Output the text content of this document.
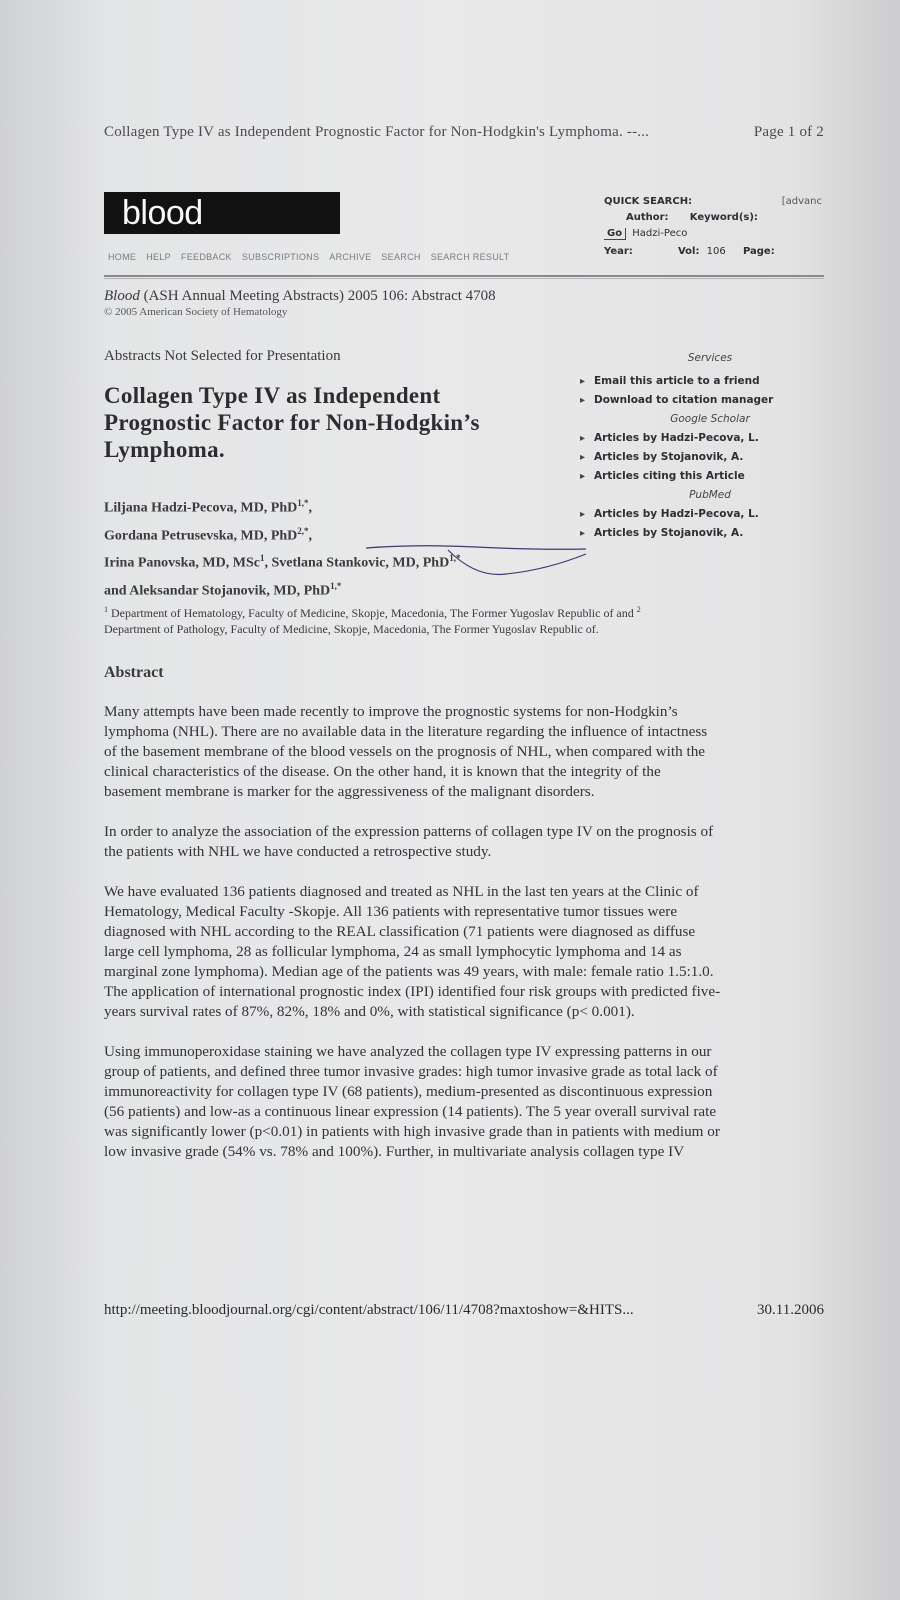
Collagen Type IV as Independent Prognostic Factor for Non-Hodgkin's Lymphoma. --...	Page 1 of 2
blood
HOME HELP FEEDBACK SUBSCRIPTIONS ARCHIVE SEARCH SEARCH RESULT
QUICK SEARCH:	[advanc
Author: Keyword(s):
Go Hadzi-Peco
Year:	Vol: 106 Page:
Blood (ASH Annual Meeting Abstracts) 2005 106: Abstract 4708
© 2005 American Society of Hematology
Abstracts Not Selected for Presentation
Collagen Type IV as Independent
Prognostic Factor for Non-Hodgkin’s
Lymphoma.
Liljana Hadzi-Pecova, MD, PhD$^{1,*}$,
Gordana Petrusevska, MD, PhD$^{2,*}$,
Irina Panovska, MD, MSc$^1$, Svetlana Stankovic, MD, PhD$^{1,*}$
and Aleksandar Stojanovik, MD, PhD$^{1,*}$
Services
▸ Email this article to a friend
▸ Download to citation manager
Google Scholar
▸ Articles by Hadzi-Pecova, L.
▸ Articles by Stojanovik, A.
▸ Articles citing this Article
PubMed
▸ Articles by Hadzi-Pecova, L.
▸ Articles by Stojanovik, A.
$^1$ Department of Hematology, Faculty of Medicine, Skopje, Macedonia, The Former Yugoslav Republic of and $^2$
Department of Pathology, Faculty of Medicine, Skopje, Macedonia, The Former Yugoslav Republic of.
Abstract

Many attempts have been made recently to improve the prognostic systems for non-Hodgkin’s
lymphoma (NHL). There are no available data in the literature regarding the influence of intactness
of the basement membrane of the blood vessels on the prognosis of NHL, when compared with the
clinical characteristics of the disease. On the other hand, it is known that the integrity of the
basement membrane is marker for the aggressiveness of the malignant disorders.

In order to analyze the association of the expression patterns of collagen type IV on the prognosis of
the patients with NHL we have conducted a retrospective study.

We have evaluated 136 patients diagnosed and treated as NHL in the last ten years at the Clinic of
Hematology, Medical Faculty -Skopje. All 136 patients with representative tumor tissues were
diagnosed with NHL according to the REAL classification (71 patients were diagnosed as diffuse
large cell lymphoma, 28 as follicular lymphoma, 24 as small lymphocytic lymphoma and 14 as
marginal zone lymphoma). Median age of the patients was 49 years, with male: female ratio 1.5:1.0.
The application of international prognostic index (IPI) identified four risk groups with predicted five-
years survival rates of 87%, 82%, 18% and 0%, with statistical significance (p< 0.001).

Using immunoperoxidase staining we have analyzed the collagen type IV expressing patterns in our
group of patients, and defined three tumor invasive grades: high tumor invasive grade as total lack of
immunoreactivity for collagen type IV (68 patients), medium-presented as discontinuous expression
(56 patients) and low-as a continuous linear expression (14 patients). The 5 year overall survival rate
was significantly lower (p<0.01) in patients with high invasive grade than in patients with medium or
low invasive grade (54% vs. 78% and 100%). Further, in multivariate analysis collagen type IV

http://meeting.bloodjournal.org/cgi/content/abstract/106/11/4708?maxtoshow=&HITS...	30.11.2006
